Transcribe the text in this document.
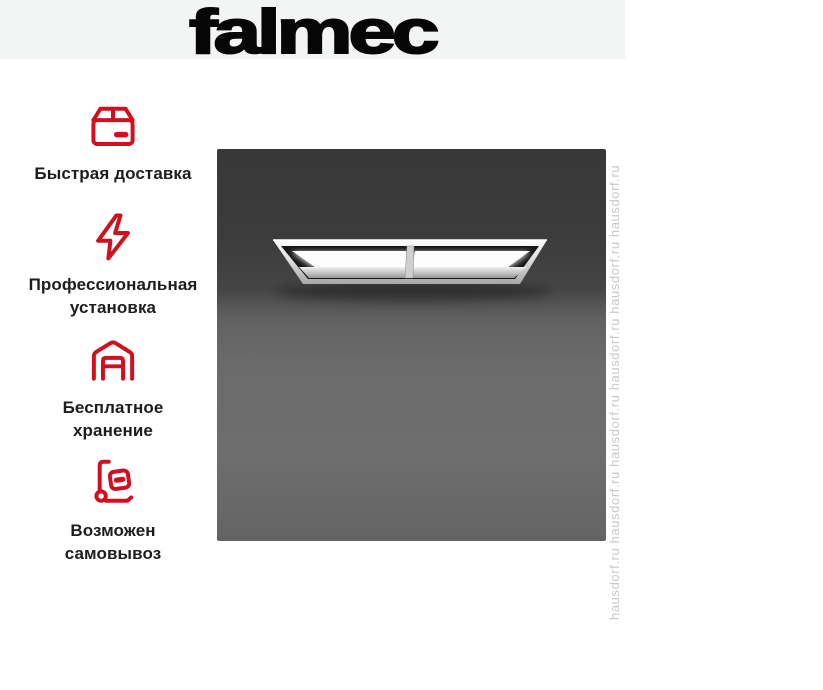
falmec
Быстрая доставка
Профессиональная
установка
Бесплатное
хранение
Возможен
самовывоз	hausdorf.ru hausdorf.ru hausdorf.ru hausdorf.ru hausdorf.ru hausdorf.ru
hausdorf.ru hausdorf.ru hausdorf.ru hausdorf.ru hausdorf.ru hausdorf.ru
